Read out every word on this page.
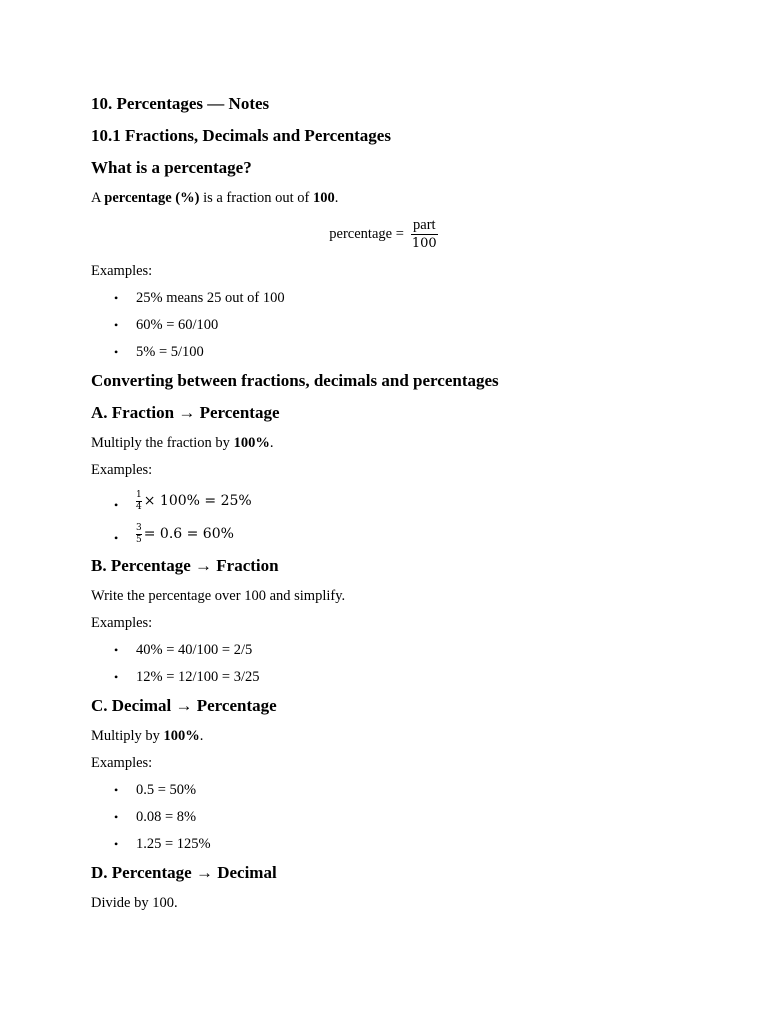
10. Percentages — Notes
10.1 Fractions, Decimals and Percentages
What is a percentage?

A percentage (%) is a fraction out of 100.

percentage = $\frac{\text{part}}{100}$

Examples:

• 25% means 25 out of 100
• 60% = 60/100
• 5% = 5/100
Converting between fractions, decimals and percentages
A. Fraction → Percentage

Multiply the fraction by 100%.

Examples:

• $\frac{1}{4} \times 100\% = 25\%$
• $\frac{3}{5} = 0.6 = 60\%$
B. Percentage → Fraction

Write the percentage over 100 and simplify.

Examples:

• 40% = 40/100 = 2/5
• 12% = 12/100 = 3/25
C. Decimal → Percentage

Multiply by 100%.

Examples:

• 0.5 = 50%
• 0.08 = 8%
• 1.25 = 125%
D. Percentage → Decimal

Divide by 100.
